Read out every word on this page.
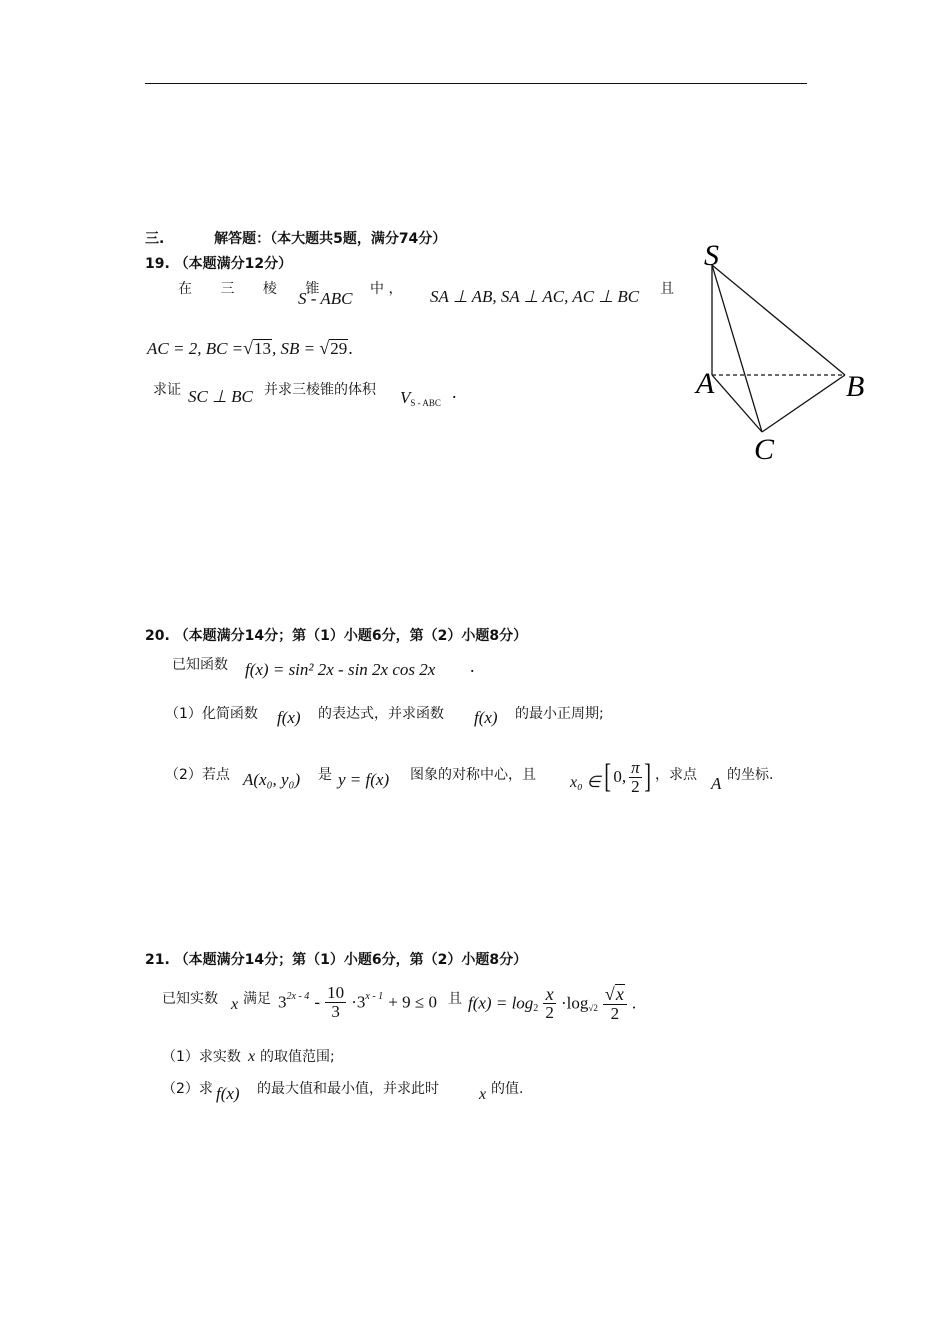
三.	解答题：（本大题共5题，满分74分）
19. （本题满分12分）
在 三 棱 锥
S - ABC 中 ， SA ⊥ AB, SA ⊥ AC, AC ⊥ BC 且
AC = 2, BC =√13, SB = √29.
求证 SC ⊥ BC 并求三棱锥的体积 $V_{S - ABC}$
.
S
A	B
C
20. （本题满分14分；第（1）小题6分，第（2）小题8分）
已知函数 f(x) = sin² 2x - sin 2x cos 2x .
（1）化简函数 f(x) 的表达式，并求函数 f(x) 的最小正周期;
（2）若点 A(x₀, y₀) 是 y = f(x) 图象的对称中心，且 x₀ ∈ [ 0, $\frac{\pi}{2}$ ] ，求点 A 的坐标.
21. （本题满分14分；第（1）小题6分，第（2）小题8分）
已知实数 x 满足 $3^{2x - 4} - \frac{10}{3} \cdot 3^{x - 1} + 9 \le 0$ 且 $f(x) = \log_2 \frac{x}{2} \cdot\log_{√2} \frac{√x}{2}$ .
（1）求实数 x 的取值范围;
（2）求 f(x) 的最大值和最小值，并求此时	x 的值.
